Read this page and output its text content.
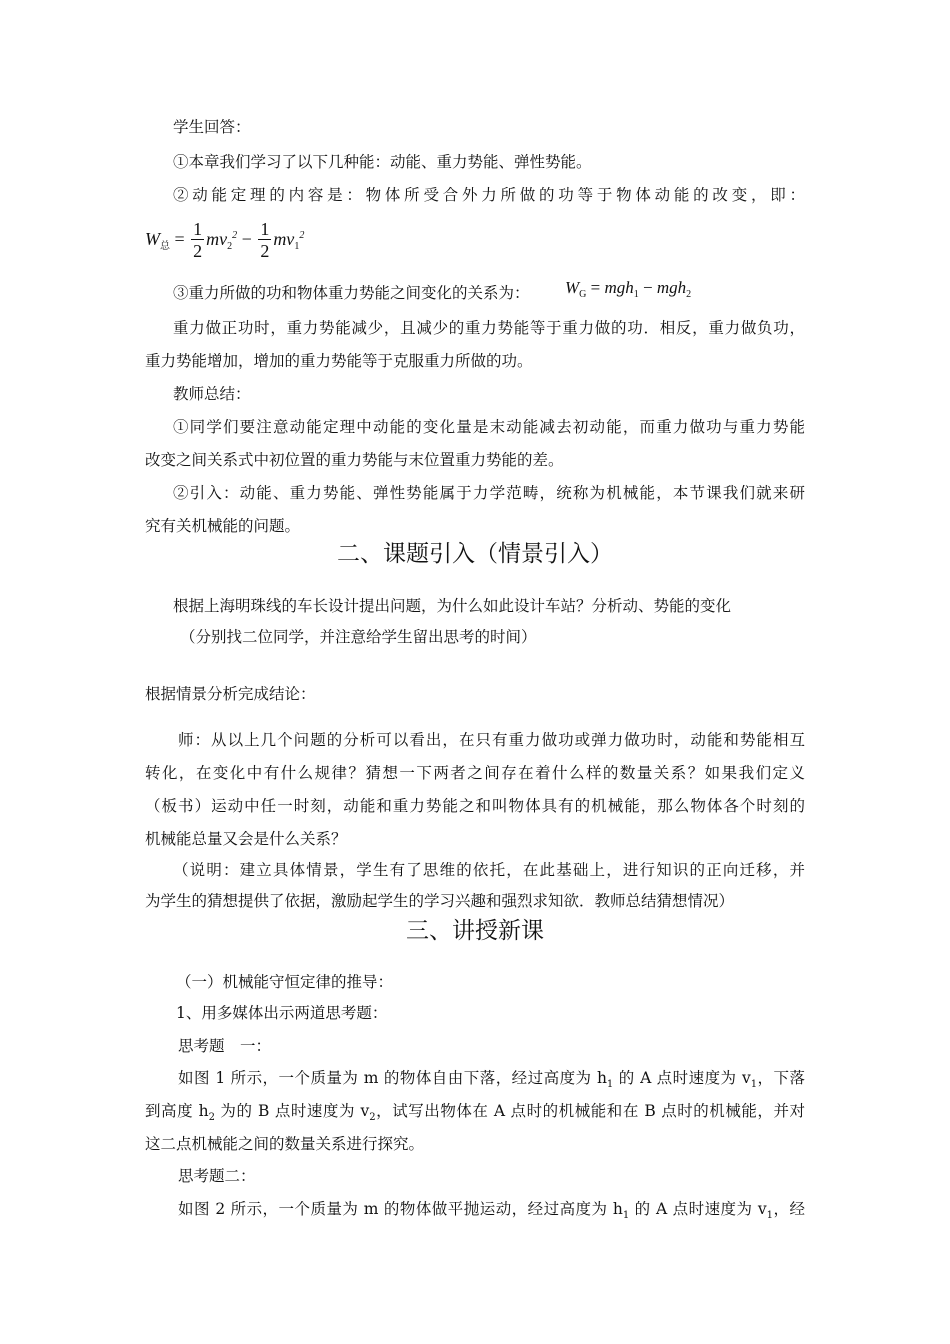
学生回答：
①本章我们学习了以下几种能：动能、重力势能、弹性势能。
②动能定理的内容是：物体所受合外力所做的功等于物体动能的改变，即：
$W_总 = \frac{1}{2} mv_2^2 - \frac{1}{2} mv_1^2$
③重力所做的功和物体重力势能之间变化的关系为： $W_G = mgh_1 - mgh_2$
重力做正功时，重力势能减少，且减少的重力势能等于重力做的功．相反，重力做负功，
重力势能增加，增加的重力势能等于克服重力所做的功。
教师总结：
①同学们要注意动能定理中动能的变化量是末动能减去初动能，而重力做功与重力势能
改变之间关系式中初位置的重力势能与末位置重力势能的差。
②引入：动能、重力势能、弹性势能属于力学范畴，统称为机械能，本节课我们就来研
究有关机械能的问题。
二、课题引入（情景引入）
根据上海明珠线的车长设计提出问题，为什么如此设计车站？分析动、势能的变化
（分别找二位同学，并注意给学生留出思考的时间）
根据情景分析完成结论：
师：从以上几个问题的分析可以看出，在只有重力做功或弹力做功时，动能和势能相互
转化，在变化中有什么规律？猜想一下两者之间存在着什么样的数量关系？如果我们定义
（板书）运动中任一时刻，动能和重力势能之和叫物体具有的机械能，那么物体各个时刻的
机械能总量又会是什么关系？
（说明：建立具体情景，学生有了思维的依托，在此基础上，进行知识的正向迁移，并
为学生的猜想提供了依据，激励起学生的学习兴趣和强烈求知欲．教师总结猜想情况）
三、讲授新课
（一）机械能守恒定律的推导：
1、用多媒体出示两道思考题：
思考题　一：
如图 1 所示，一个质量为 m 的物体自由下落，经过高度为 $h_1$ 的 A 点时速度为 $v_1$，下落
到高度 $h_2$ 为的 B 点时速度为 $v_2$，试写出物体在 A 点时的机械能和在 B 点时的机械能，并对
这二点机械能之间的数量关系进行探究。
思考题二：
如图 2 所示，一个质量为 m 的物体做平抛运动，经过高度为 $h_1$ 的 A 点时速度为 $v_1$，经
